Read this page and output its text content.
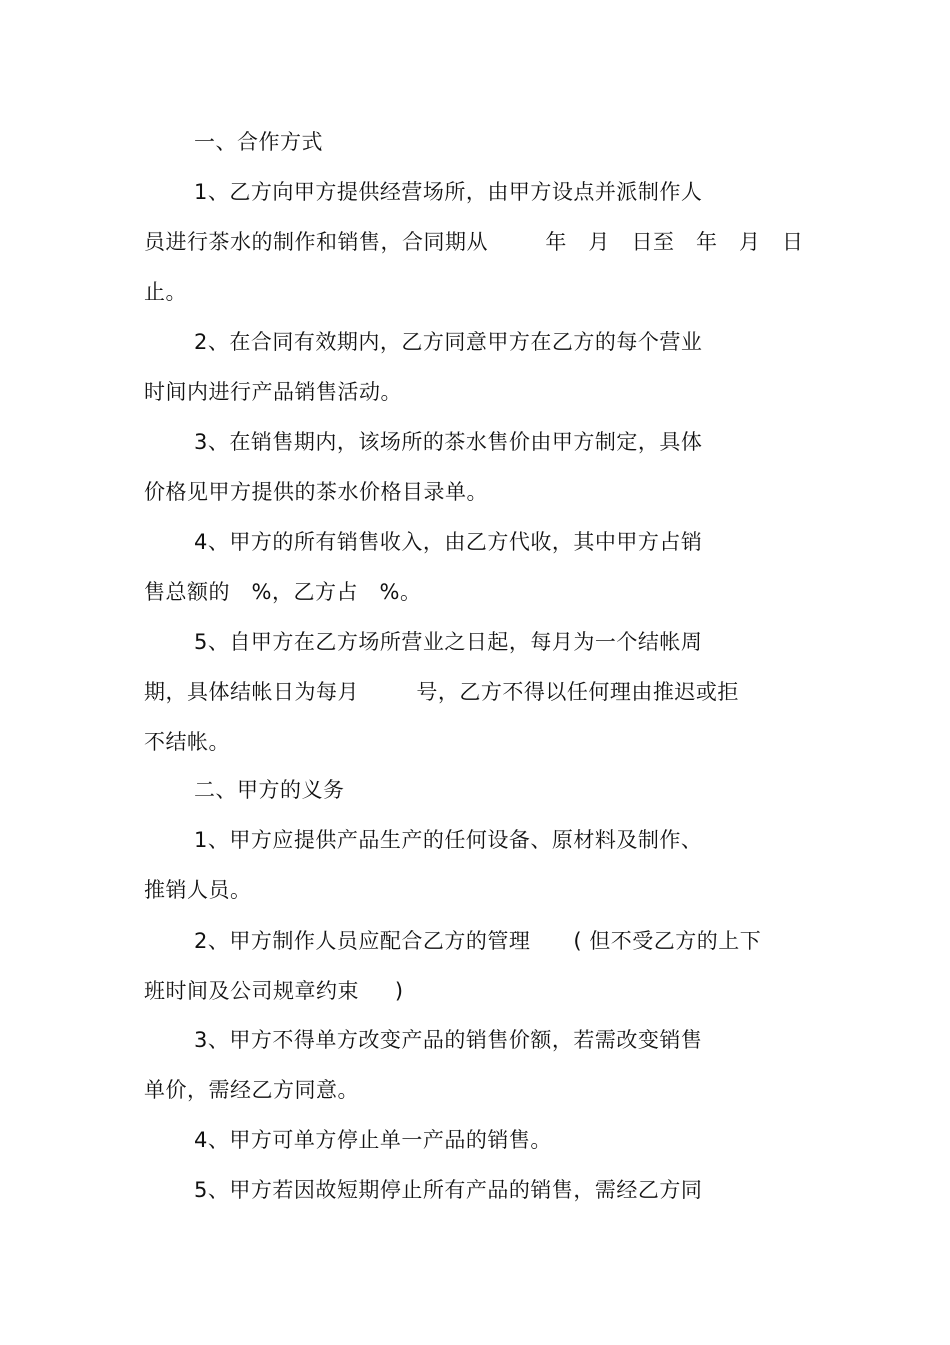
一、合作方式
1、乙方向甲方提供经营场所，由甲方设点并派制作人
员进行茶水的制作和销售，合同期从        年   月   日至   年   月   日
止。
2、在合同有效期内，乙方同意甲方在乙方的每个营业
时间内进行产品销售活动。
3、在销售期内，该场所的茶水售价由甲方制定，具体
价格见甲方提供的茶水价格目录单。
4、甲方的所有销售收入，由乙方代收，其中甲方占销
售总额的   %，乙方占   %。
5、自甲方在乙方场所营业之日起，每月为一个结帐周
期，具体结帐日为每月        号，乙方不得以任何理由推迟或拒
不结帐。
二、甲方的义务
1、甲方应提供产品生产的任何设备、原材料及制作、
推销人员。
2、甲方制作人员应配合乙方的管理      ( 但不受乙方的上下
班时间及公司规章约束     )
3、甲方不得单方改变产品的销售价额，若需改变销售
单价，需经乙方同意。
4、甲方可单方停止单一产品的销售。
5、甲方若因故短期停止所有产品的销售，需经乙方同
